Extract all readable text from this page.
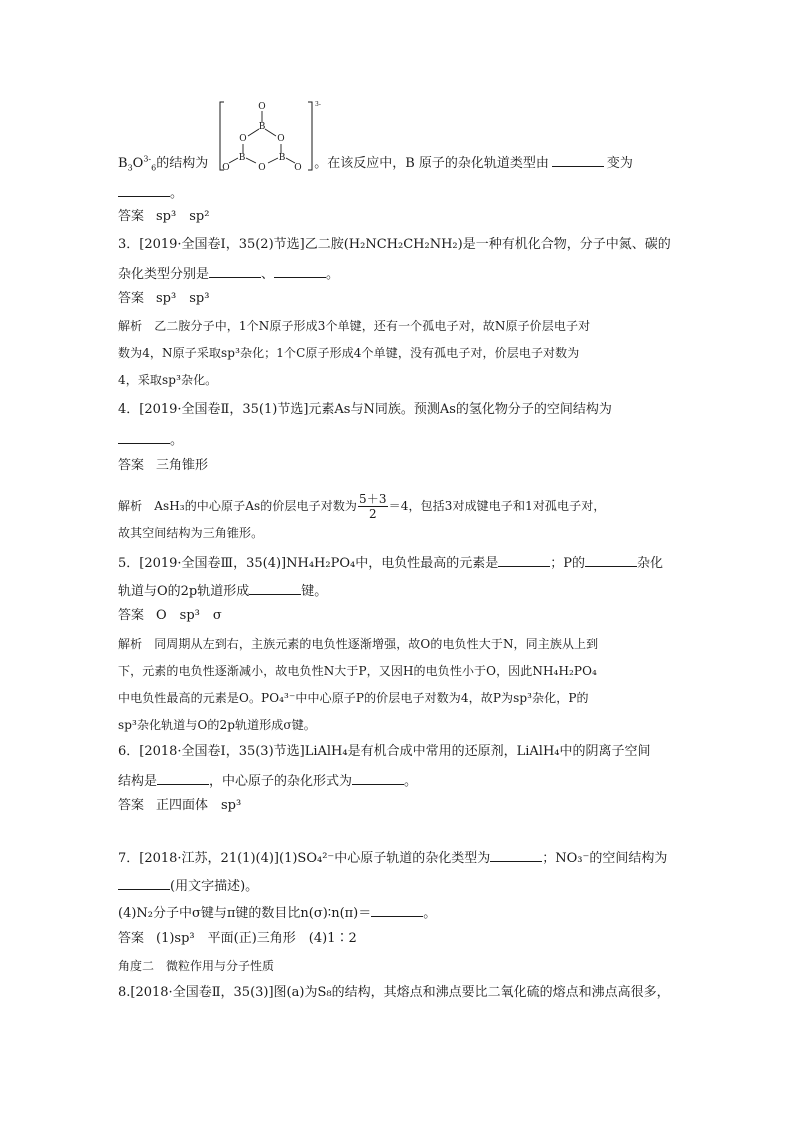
O
B
O	O
B	B
O
O	O
3-
$B_3O^{3-}_6$的结构为	。在该反应中，B 原子的杂化轨道类型由	变为
。
答案 sp³　sp²
3．[2019·全国卷Ⅰ，35(2)节选]乙二胺(H₂NCH₂CH₂NH₂)是一种有机化合物，分子中氮、碳的
杂化类型分别是	、	。
答案 sp³　sp³
解析 乙二胺分子中，1个N原子形成3个单键，还有一个孤电子对，故N原子价层电子对
数为4，N原子采取sp³杂化；1个C原子形成4个单键，没有孤电子对，价层电子对数为
4，采取sp³杂化。
4．[2019·全国卷Ⅱ，35(1)节选]元素As与N同族。预测As的氢化物分子的空间结构为
。
答案 三角锥形
解析 AsH₃的中心原子As的价层电子对数为 $\frac{5+3}{2} =4$，包括3对成键电子和1对孤电子对，
故其空间结构为三角锥形。
5．[2019·全国卷Ⅲ，35(4)]NH₄H₂PO₄中，电负性最高的元素是	；P的	杂化
轨道与O的2p轨道形成	键。
答案 O　sp³　σ
解析 同周期从左到右，主族元素的电负性逐渐增强，故O的电负性大于N，同主族从上到
下，元素的电负性逐渐减小，故电负性N大于P，又因H的电负性小于O，因此NH₄H₂PO₄
中电负性最高的元素是O。PO₄³⁻中中心原子P的价层电子对数为4，故P为sp³杂化，P的
sp³杂化轨道与O的2p轨道形成σ键。
6．[2018·全国卷Ⅰ，35(3)节选]LiAlH₄是有机合成中常用的还原剂，LiAlH₄中的阴离子空间
结构是	，中心原子的杂化形式为	。
答案 正四面体　sp³
7．[2018·江苏，21(1)(4)](1)SO₄²⁻中心原子轨道的杂化类型为	；NO₃⁻的空间结构为
(用文字描述)。
(4)N₂分子中σ键与π键的数目比n(σ)∶n(π)＝	。
答案 (1)sp³　平面(正)三角形　(4)1∶2
角度二　微粒作用与分子性质
8.[2018·全国卷Ⅱ，35(3)]图(a)为S₈的结构，其熔点和沸点要比二氧化硫的熔点和沸点高很多，
